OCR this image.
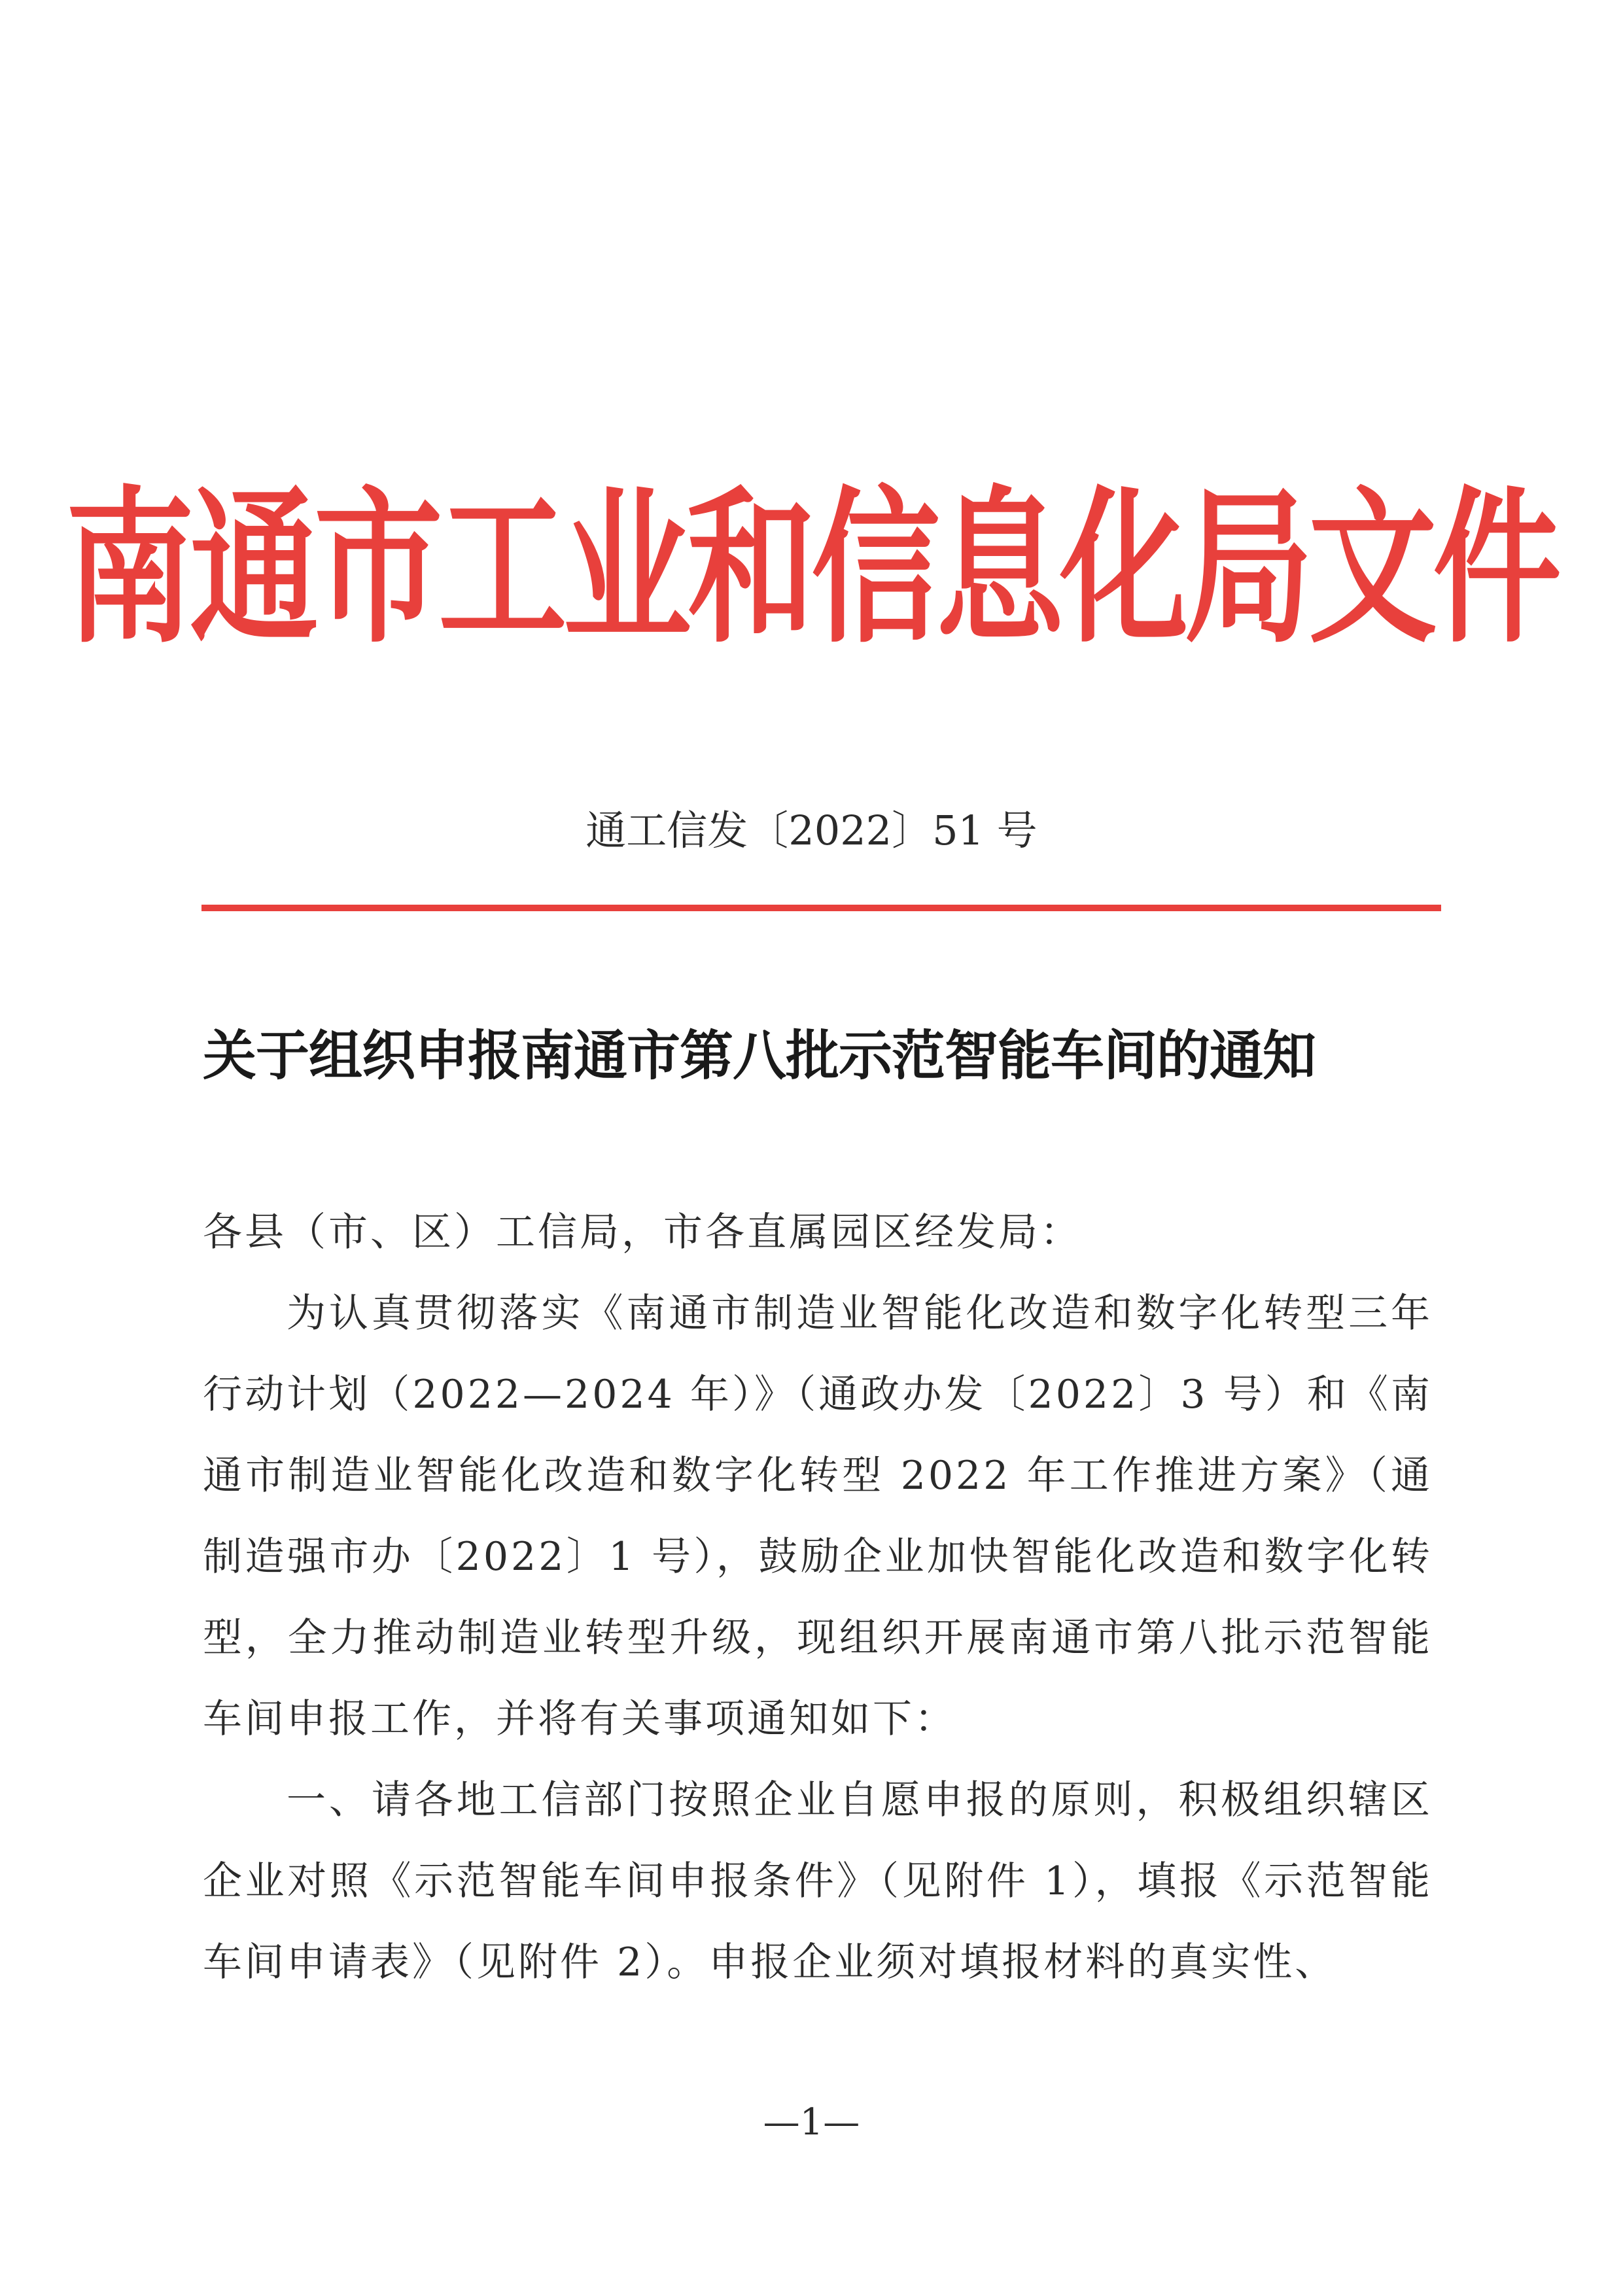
南通市工业和信息化局文件
通工信发〔2022〕51 号
关于组织申报南通市第八批示范智能车间的通知

各县（市、区）工信局，市各直属园区经发局：

为认真贯彻落实《南通市制造业智能化改造和数字化转型三年行动计划（2022—2024 年）》（通政办发〔2022〕3 号）和《南通市制造业智能化改造和数字化转型 2022 年工作推进方案》（通制造强市办〔2022〕1 号），鼓励企业加快智能化改造和数字化转型，全力推动制造业转型升级，现组织开展南通市第八批示范智能车间申报工作，并将有关事项通知如下：

一、请各地工信部门按照企业自愿申报的原则，积极组织辖区企业对照《示范智能车间申报条件》（见附件 1），填报《示范智能车间申请表》（见附件 2）。申报企业须对填报材料的真实性、

—1—
